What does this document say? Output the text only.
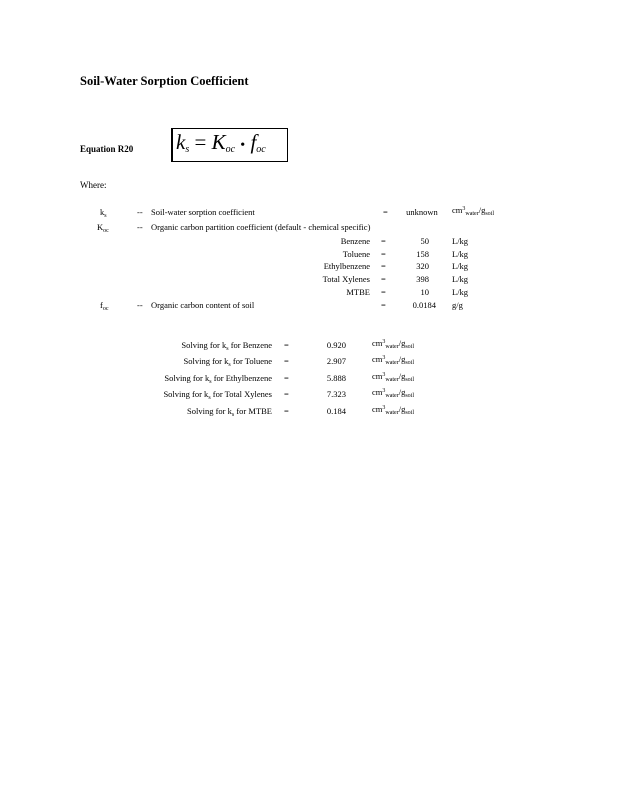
Soil-Water Sorption Coefficient
Equation R20 $k_s = K_{oc}$ • $f_{oc}$
Where:
$k_s$	-- Soil-water sorption coefficient	=	unknown	$cm^3_{water}/g_{soil}$
$K_{oc}$	-- Organic carbon partition coefficient (default - chemical specific)
Benzene =	50	L/kg
Toluene =	158	L/kg
Ethylbenzene =	320	L/kg
Total Xylenes =	398	L/kg
MTBE =	10	L/kg
$f_{oc}$	-- Organic carbon content of soil	=	0.0184 g/g
Solving for $k_s$ for Benzene =	0.920	$cm^3_{water}/g_{soil}$
Solving for $k_s$ for Toluene =	2.907	$cm^3_{water}/g_{soil}$
Solving for $k_s$ for Ethylbenzene =	5.888	$cm^3_{water}/g_{soil}$
Solving for $k_s$ for Total Xylenes =	7.323	$cm^3_{water}/g_{soil}$
Solving for $k_s$ for MTBE =	0.184	$cm^3_{water}/g_{soil}$
